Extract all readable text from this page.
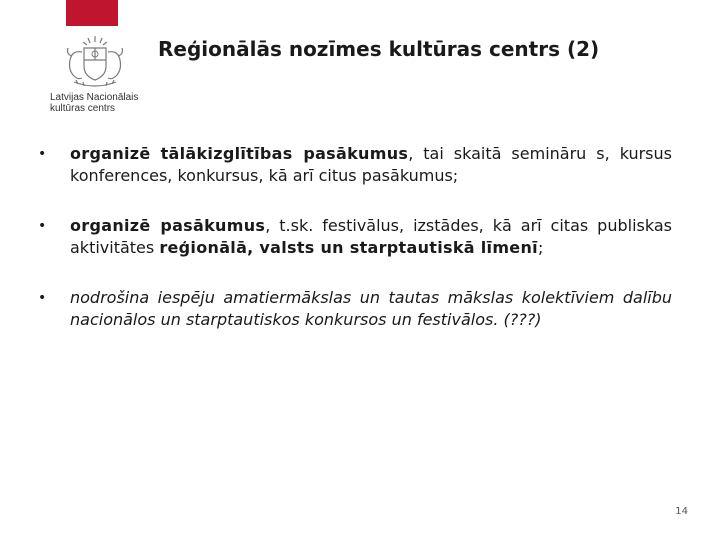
Latvijas Nacionālais
kultūras centrs
Reģionālās nozīmes kultūras centrs (2)
• organizē tālākizglītības pasākumus, tai skaitā semināru s, kursus konferences, konkursus, kā arī citus pasākumus;
• organizē pasākumus, t.sk. festivālus, izstādes, kā arī citas publiskas aktivitātes reģionālā, valsts un starptautiskā līmenī;
• nodrošina iespēju amatiermākslas un tautas mākslas kolektīviem dalību nacionālos un starptautiskos konkursos un festivālos. (???)
14
